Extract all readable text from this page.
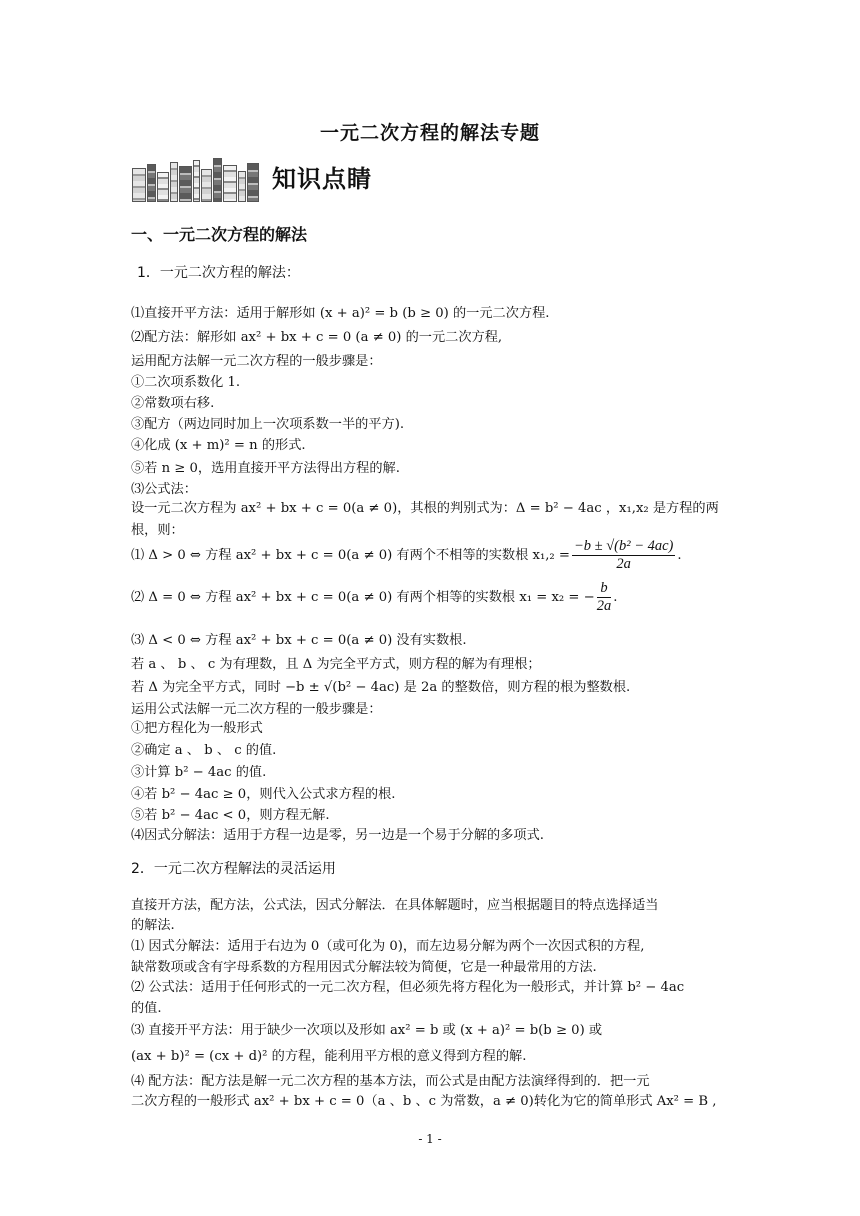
一元二次方程的解法专题
知识点睛
一、一元二次方程的解法
1．一元二次方程的解法：
⑴直接开平方法：适用于解形如 (x + a)² = b (b ≥ 0) 的一元二次方程.
⑵配方法：解形如 ax² + bx + c = 0 (a ≠ 0) 的一元二次方程,
运用配方法解一元二次方程的一般步骤是：
①二次项系数化 1.
②常数项右移.
③配方（两边同时加上一次项系数一半的平方).
④化成 (x + m)² = n 的形式.
⑤若 n ≥ 0，选用直接开平方法得出方程的解.
⑶公式法：
设一元二次方程为 ax² + bx + c = 0(a ≠ 0)，其根的判别式为：Δ = b² − 4ac ，x₁,x₂ 是方程的两
根，则：
⑴ Δ > 0 ⇔ 方程 ax² + bx + c = 0(a ≠ 0) 有两个不相等的实数根 $x_1,_2 = \frac{\text{−b ± √(b² − 4ac)}}{2a}$ .
⑵ Δ = 0 ⇔ 方程 ax² + bx + c = 0(a ≠ 0) 有两个相等的实数根 x₁ = x₂ = − $\frac{b}{2a}$ .
⑶ Δ < 0 ⇔ 方程 ax² + bx + c = 0(a ≠ 0) 没有实数根.
若 a 、 b 、 c 为有理数，且 Δ 为完全平方式，则方程的解为有理根；
若 Δ 为完全平方式，同时 −b ± √(b² − 4ac) 是 2a 的整数倍，则方程的根为整数根.
运用公式法解一元二次方程的一般步骤是：
①把方程化为一般形式
②确定 a 、 b 、 c 的值.
③计算 b² − 4ac 的值.
④若 b² − 4ac ≥ 0，则代入公式求方程的根.
⑤若 b² − 4ac < 0，则方程无解.
⑷因式分解法：适用于方程一边是零，另一边是一个易于分解的多项式.
2．一元二次方程解法的灵活运用
直接开方法，配方法，公式法，因式分解法．在具体解题时，应当根据题目的特点选择适当
的解法.
⑴ 因式分解法：适用于右边为 0（或可化为 0)，而左边易分解为两个一次因式积的方程,
缺常数项或含有字母系数的方程用因式分解法较为简便，它是一种最常用的方法.
⑵ 公式法：适用于任何形式的一元二次方程，但必须先将方程化为一般形式，并计算 b² − 4ac
的值.
⑶ 直接开平方法：用于缺少一次项以及形如 ax² = b 或 (x + a)² = b(b ≥ 0) 或
(ax + b)² = (cx + d)² 的方程，能利用平方根的意义得到方程的解.
⑷ 配方法：配方法是解一元二次方程的基本方法，而公式是由配方法演绎得到的．把一元
二次方程的一般形式 ax² + bx + c = 0（a 、b 、c 为常数，a ≠ 0)转化为它的简单形式 Ax² = B ,
- 1 -
